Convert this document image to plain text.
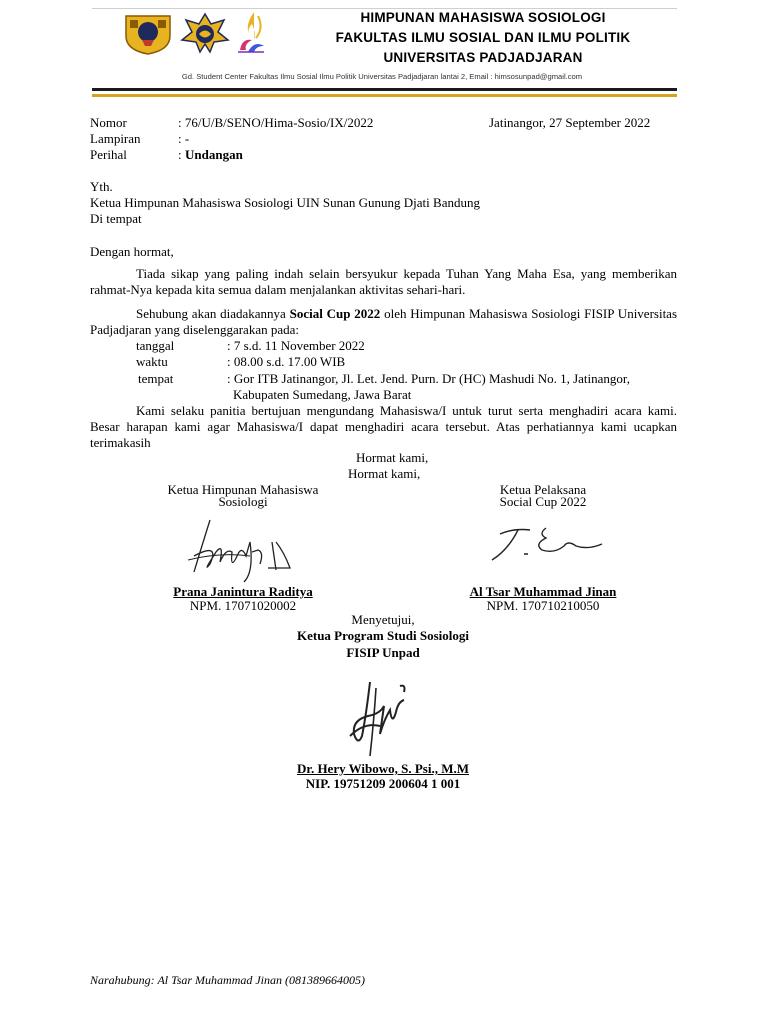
HIMPUNAN MAHASISWA SOSIOLOGI
FAKULTAS ILMU SOSIAL DAN ILMU POLITIK
UNIVERSITAS PADJADJARAN
Gd. Student Center Fakultas Ilmu Sosial Ilmu Politik Universitas Padjadjaran lantai 2, Email : himsosunpad@gmail.com
Nomor	: 76/U/B/SENO/Hima-Sosio/IX/2022	Jatinangor, 27 September 2022
Lampiran	: -
Perihal	: Undangan
Yth.
Ketua Himpunan Mahasiswa Sosiologi UIN Sunan Gunung Djati Bandung
Di tempat
Dengan hormat,
Tiada sikap yang paling indah selain bersyukur kepada Tuhan Yang Maha Esa, yang memberikan rahmat-Nya kepada kita semua dalam menjalankan aktivitas sehari-hari.
Sehubung akan diadakannya Social Cup 2022 oleh Himpunan Mahasiswa Sosiologi FISIP Universitas Padjadjaran yang diselenggarakan pada:
tanggal	: 7 s.d. 11 November 2022
waktu	: 08.00 s.d. 17.00 WIB
tempat	: Gor ITB Jatinangor, Jl. Let. Jend. Purn. Dr (HC) Mashudi No. 1, Jatinangor,
Kabupaten Sumedang, Jawa Barat
Kami selaku panitia bertujuan mengundang Mahasiswa/I untuk turut serta menghadiri acara kami. Besar harapan kami agar Mahasiswa/I dapat menghadiri acara tersebut. Atas perhatiannya kami ucapkan terimakasih
Hormat kami,
Hormat kami,
Ketua Himpunan Mahasiswa
Sosiologi
Prana Janintura Raditya
NPM. 17071020002
Ketua Pelaksana
Social Cup 2022
Al Tsar Muhammad Jinan
NPM. 170710210050
Menyetujui,
Ketua Program Studi Sosiologi
FISIP Unpad
Dr. Hery Wibowo, S. Psi., M.M
NIP. 19751209 200604 1 001
Narahubung: Al Tsar Muhammad Jinan (081389664005)
